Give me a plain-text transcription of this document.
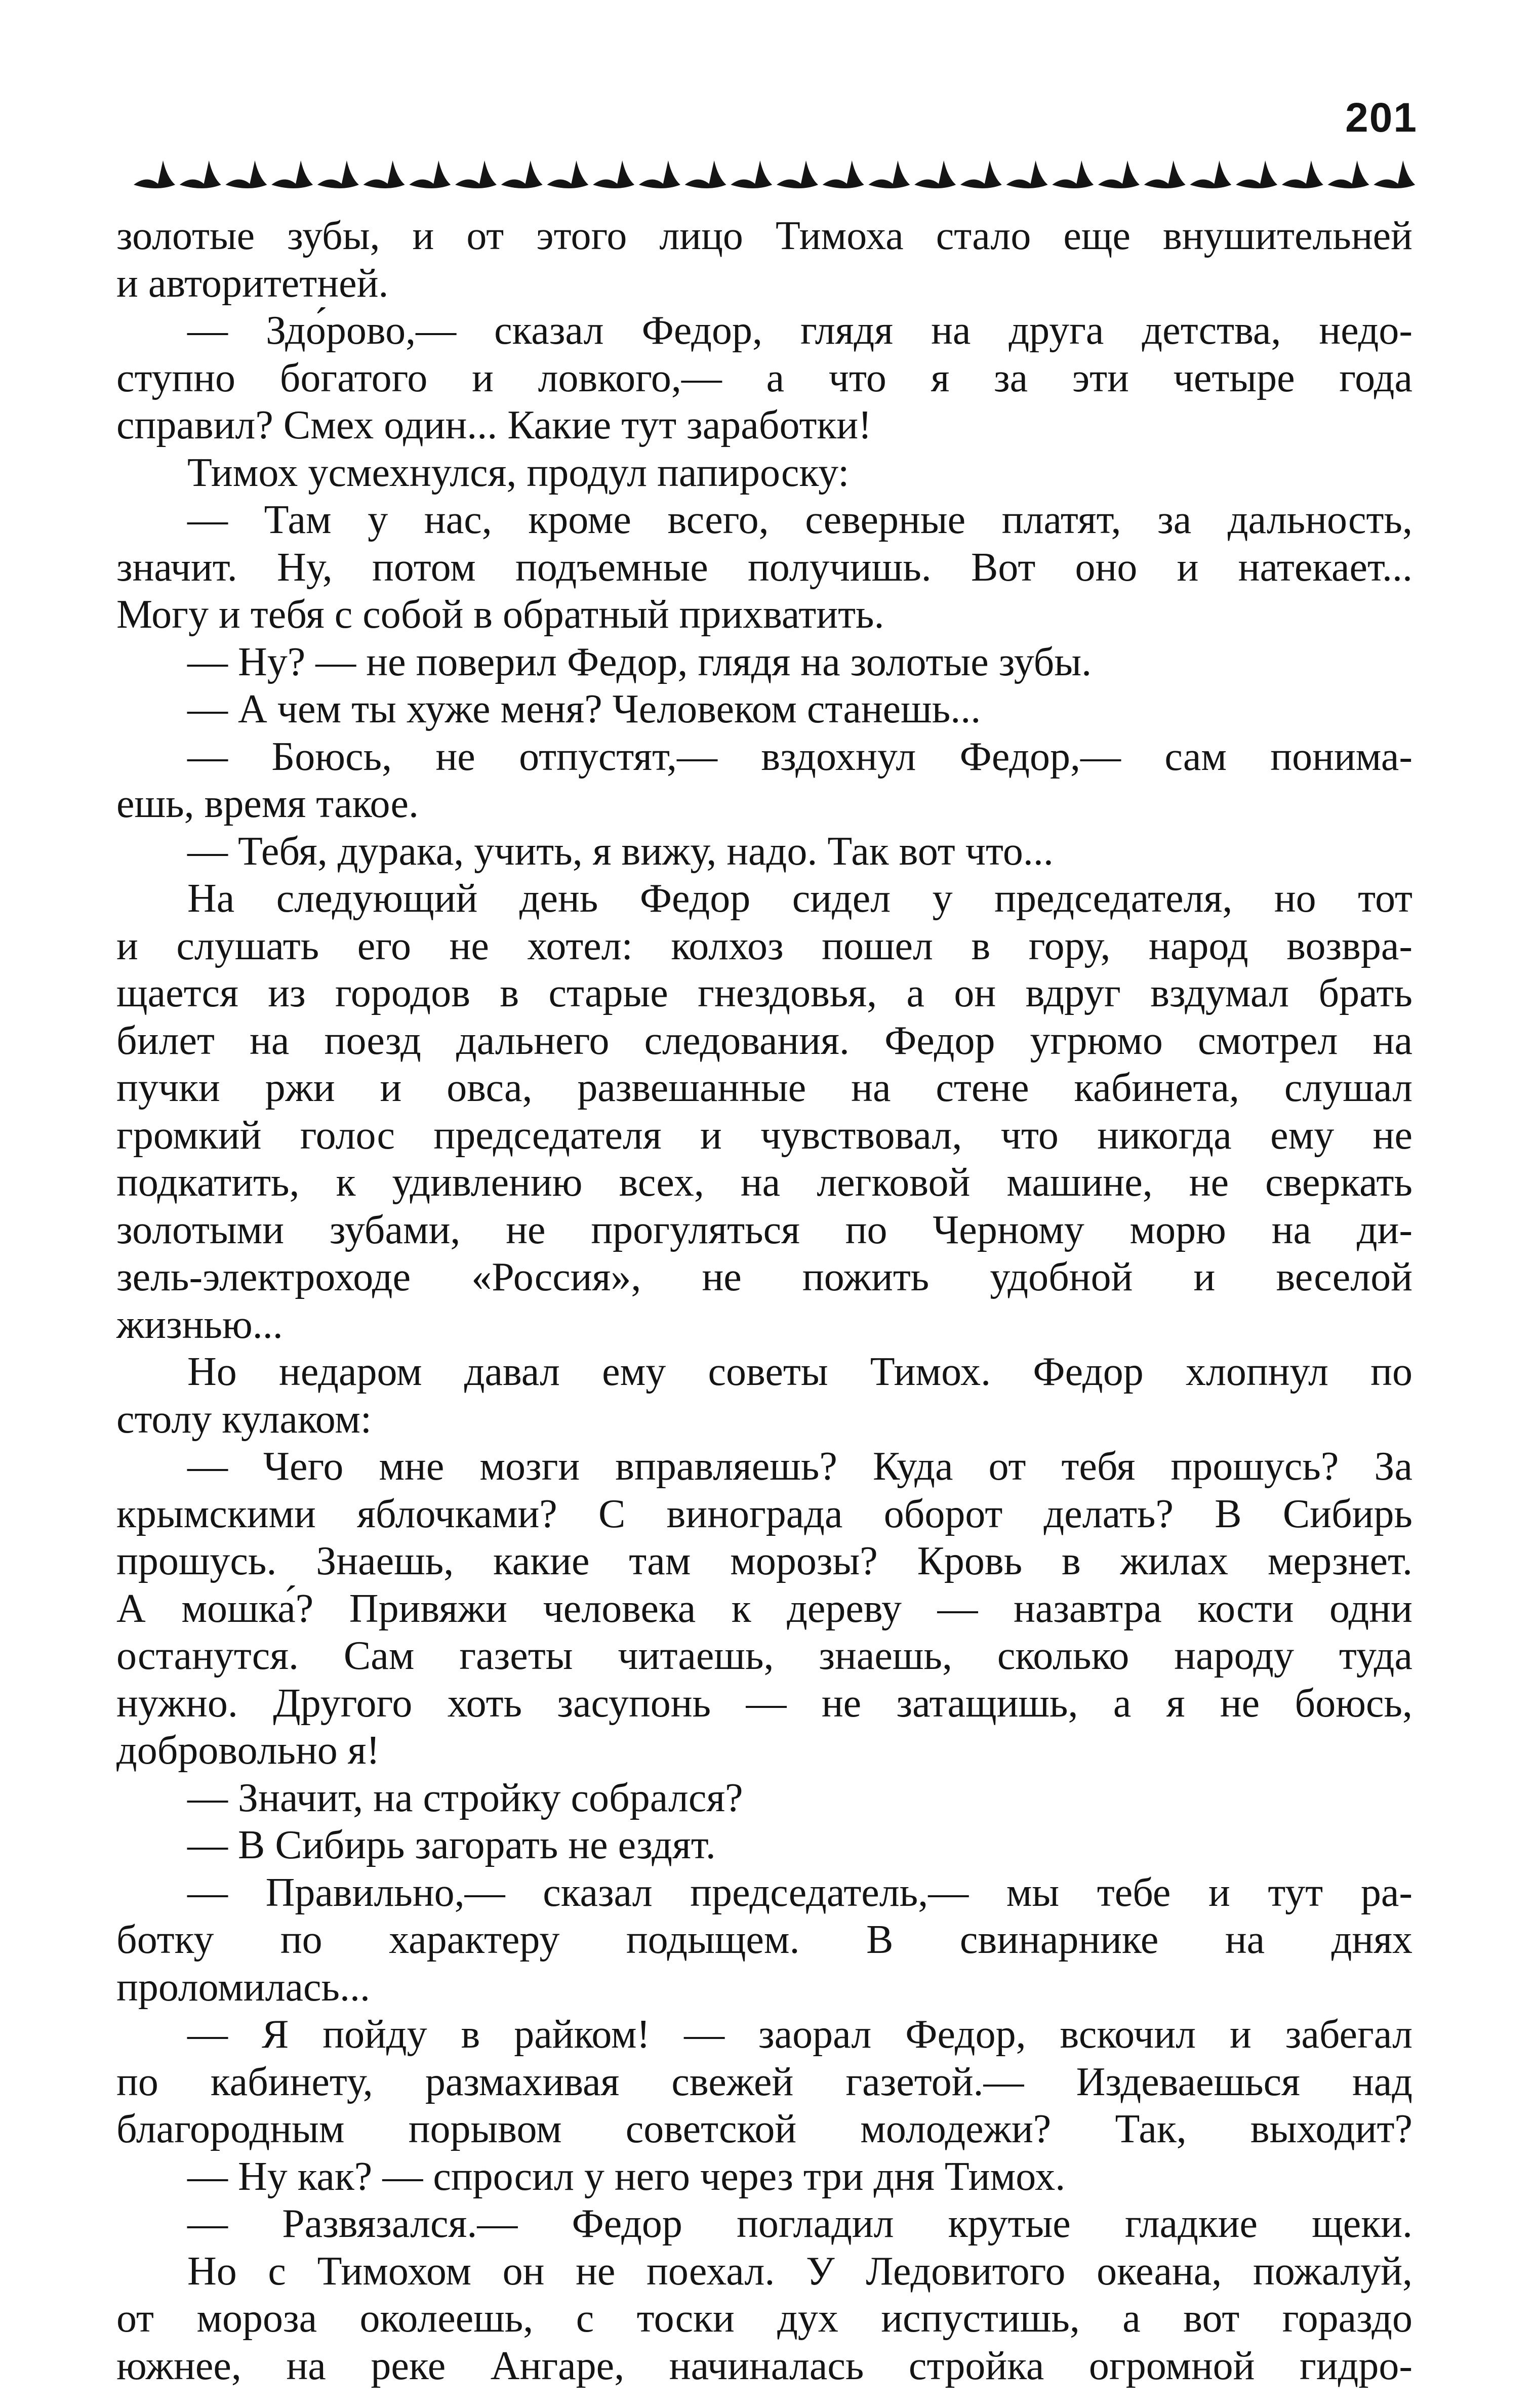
201

золотые зубы, и от этого лицо Тимоха стало еще внушительней

и авторитетней.

— Здо́рово,— сказал Федор, глядя на друга детства, недо-

ступно богатого и ловкого,— а что я за эти четыре года

справил? Смех один... Какие тут заработки!

Тимох усмехнулся, продул папироску:

— Там у нас, кроме всего, северные платят, за дальность,

значит. Ну, потом подъемные получишь. Вот оно и натекает...

Могу и тебя с собой в обратный прихватить.

— Ну? — не поверил Федор, глядя на золотые зубы.

— А чем ты хуже меня? Человеком станешь...

— Боюсь, не отпустят,— вздохнул Федор,— сам понима-

ешь, время такое.

— Тебя, дурака, учить, я вижу, надо. Так вот что...

На следующий день Федор сидел у председателя, но тот

и слушать его не хотел: колхоз пошел в гору, народ возвра-

щается из городов в старые гнездовья, а он вдруг вздумал брать

билет на поезд дальнего следования. Федор угрюмо смотрел на

пучки ржи и овса, развешанные на стене кабинета, слушал

громкий голос председателя и чувствовал, что никогда ему не

подкатить, к удивлению всех, на легковой машине, не сверкать

золотыми зубами, не прогуляться по Черному морю на ди-

зель-электроходе «Россия», не пожить удобной и веселой

жизнью...

Но недаром давал ему советы Тимох. Федор хлопнул по

столу кулаком:

— Чего мне мозги вправляешь? Куда от тебя прошусь? За

крымскими яблочками? С винограда оборот делать? В Сибирь

прошусь. Знаешь, какие там морозы? Кровь в жилах мерзнет.

А мошка́? Привяжи человека к дереву — назавтра кости одни

останутся. Сам газеты читаешь, знаешь, сколько народу туда

нужно. Другого хоть засупонь — не затащишь, а я не боюсь,

добровольно я!

— Значит, на стройку собрался?

— В Сибирь загорать не ездят.

— Правильно,— сказал председатель,— мы тебе и тут ра-

ботку по характеру подыщем. В свинарнике на днях

проломилась...

— Я пойду в райком! — заорал Федор, вскочил и забегал

по кабинету, размахивая свежей газетой.— Издеваешься над

благородным порывом советской молодежи? Так, выходит?

— Ну как? — спросил у него через три дня Тимох.

— Развязался.— Федор погладил крутые гладкие щеки.

Но с Тимохом он не поехал. У Ледовитого океана, пожалуй,

от мороза околеешь, с тоски дух испустишь, а вот гораздо

южнее, на реке Ангаре, начиналась стройка огромной гидро-
